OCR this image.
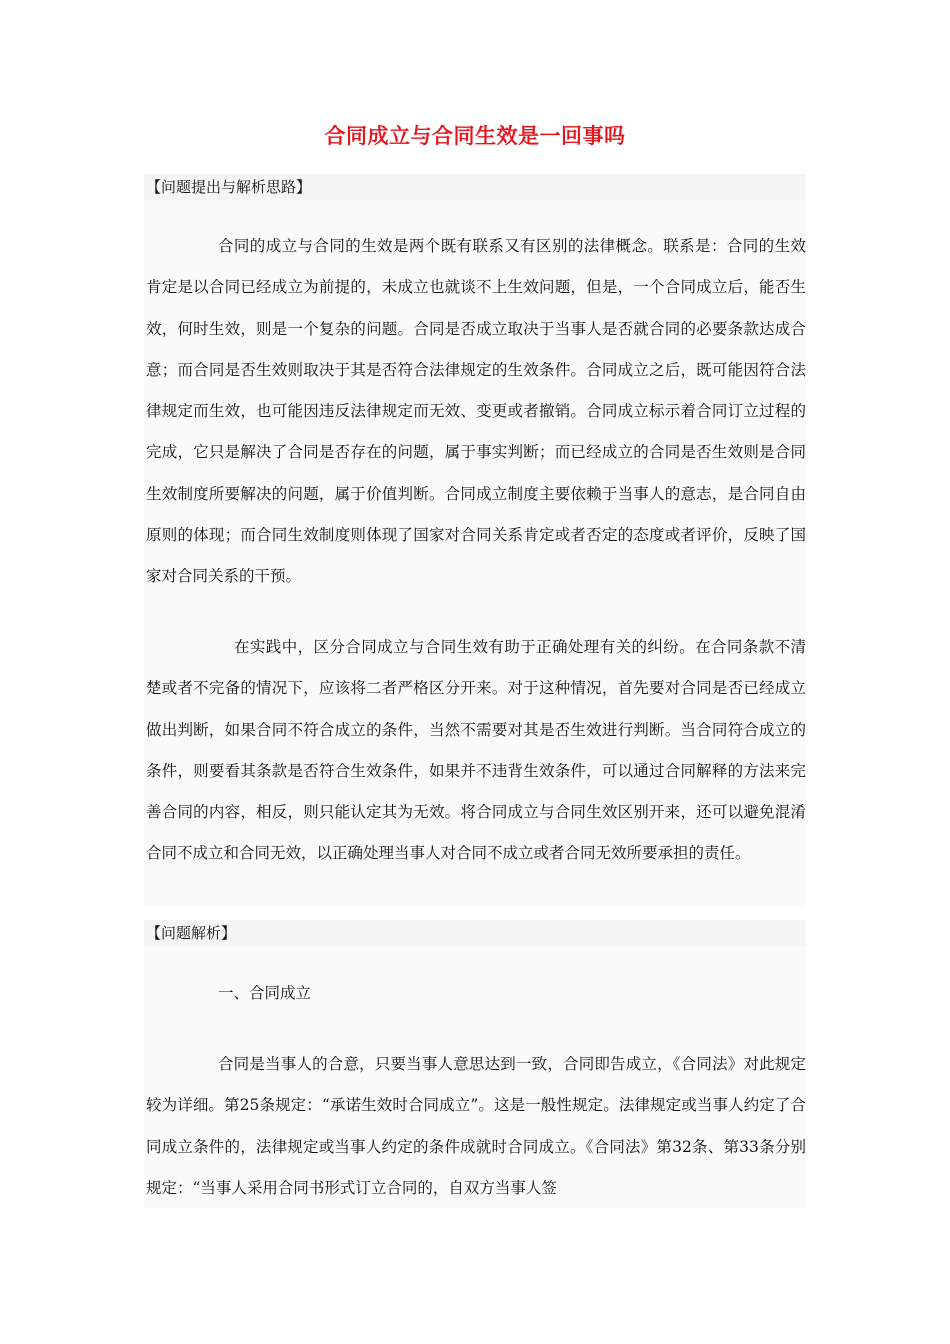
合同成立与合同生效是一回事吗
【问题提出与解析思路】
合同的成立与合同的生效是两个既有联系又有区别的法律概念。联系是：合同的生效肯定是以合同已经成立为前提的，未成立也就谈不上生效问题，但是，一个合同成立后，能否生效，何时生效，则是一个复杂的问题。合同是否成立取决于当事人是否就合同的必要条款达成合意；而合同是否生效则取决于其是否符合法律规定的生效条件。合同成立之后，既可能因符合法律规定而生效，也可能因违反法律规定而无效、变更或者撤销。合同成立标示着合同订立过程的完成，它只是解决了合同是否存在的问题，属于事实判断；而已经成立的合同是否生效则是合同生效制度所要解决的问题，属于价值判断。合同成立制度主要依赖于当事人的意志，是合同自由原则的体现；而合同生效制度则体现了国家对合同关系肯定或者否定的态度或者评价，反映了国家对合同关系的干预。
在实践中，区分合同成立与合同生效有助于正确处理有关的纠纷。在合同条款不清楚或者不完备的情况下，应该将二者严格区分开来。对于这种情况，首先要对合同是否已经成立做出判断，如果合同不符合成立的条件，当然不需要对其是否生效进行判断。当合同符合成立的条件，则要看其条款是否符合生效条件，如果并不违背生效条件，可以通过合同解释的方法来完善合同的内容，相反，则只能认定其为无效。将合同成立与合同生效区别开来，还可以避免混淆合同不成立和合同无效，以正确处理当事人对合同不成立或者合同无效所要承担的责任。
【问题解析】
一、合同成立
合同是当事人的合意，只要当事人意思达到一致，合同即告成立，《合同法》对此规定较为详细。第25条规定：“承诺生效时合同成立”。这是一般性规定。法律规定或当事人约定了合同成立条件的，法律规定或当事人约定的条件成就时合同成立。《合同法》第32条、第33条分别规定：“当事人采用合同书形式订立合同的，自双方当事人签
